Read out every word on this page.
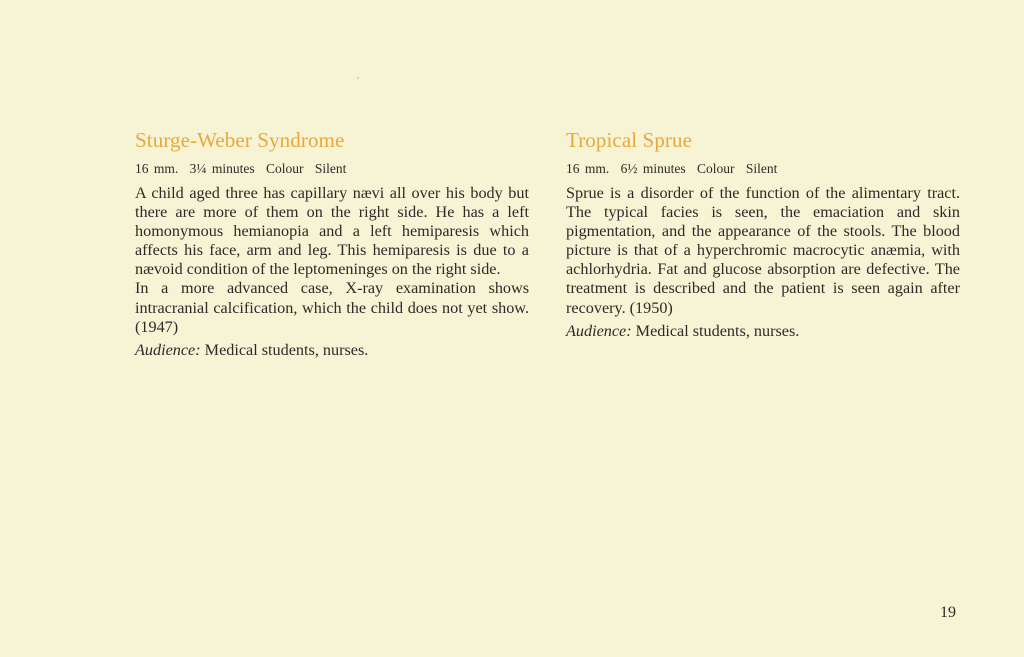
Sturge-Weber Syndrome
16 mm. 3¼ minutes Colour Silent

A child aged three has capillary nævi all over his body but there are more of them on the right side. He has a left homonymous hemianopia and a left hemiparesis which affects his face, arm and leg. This hemiparesis is due to a nævoid condition of the leptomeninges on the right side.

In a more advanced case, X-ray examination shows intracranial calcification, which the child does not yet show. (1947)

Audience: Medical students, nurses.
Tropical Sprue
16 mm. 6½ minutes Colour Silent

Sprue is a disorder of the function of the alimentary tract. The typical facies is seen, the emaciation and skin pigmentation, and the appearance of the stools. The blood picture is that of a hyperchromic macrocytic anæmia, with achlorhydria. Fat and glucose absorption are defective. The treatment is described and the patient is seen again after recovery. (1950)

Audience: Medical students, nurses.
19
